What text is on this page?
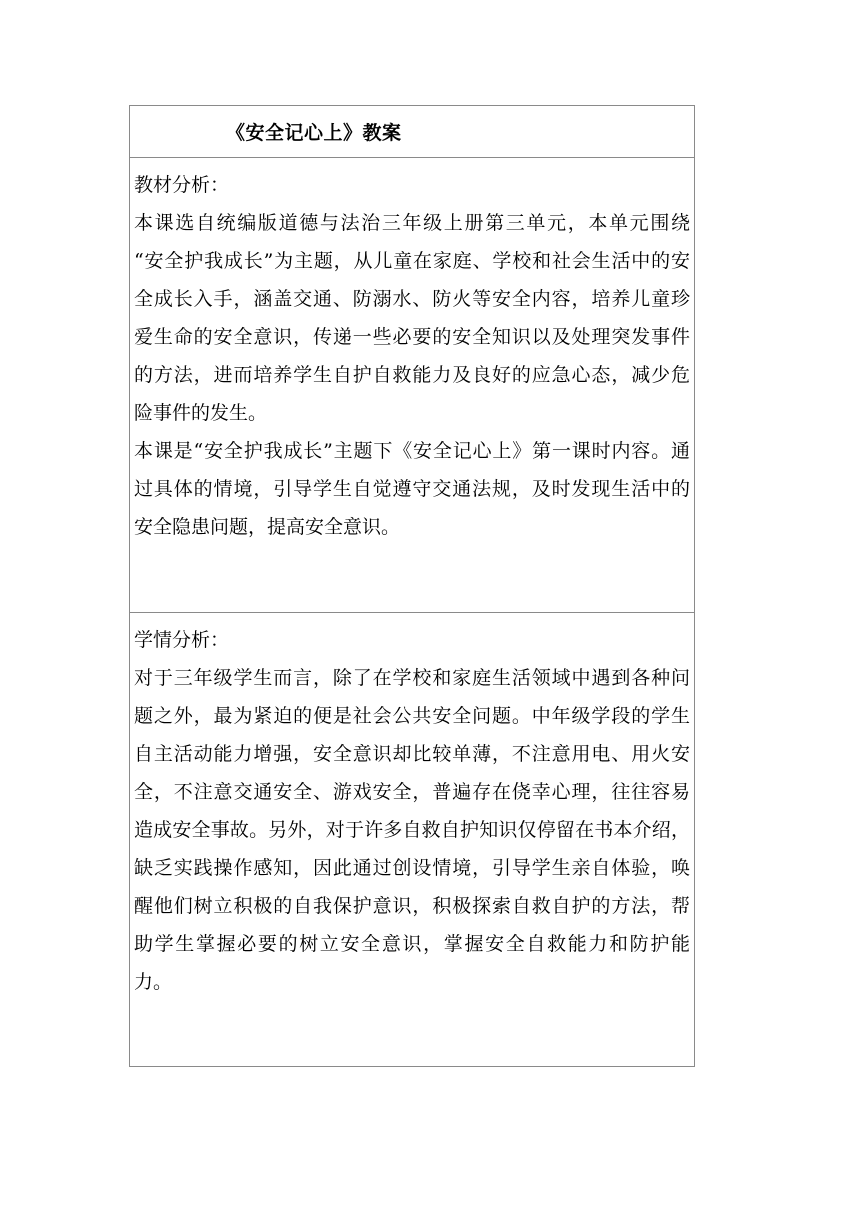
《安全记心上》教案
教材分析：
本课选自统编版道德与法治三年级上册第三单元，本单元围绕
“安全护我成长”为主题，从儿童在家庭、学校和社会生活中的安
全成长入手，涵盖交通、防溺水、防火等安全内容，培养儿童珍
爱生命的安全意识，传递一些必要的安全知识以及处理突发事件
的方法，进而培养学生自护自救能力及良好的应急心态，减少危
险事件的发生。
本课是“安全护我成长”主题下《安全记心上》第一课时内容。通
过具体的情境，引导学生自觉遵守交通法规，及时发现生活中的
安全隐患问题，提高安全意识。
学情分析：
对于三年级学生而言，除了在学校和家庭生活领域中遇到各种问
题之外，最为紧迫的便是社会公共安全问题。中年级学段的学生
自主活动能力增强，安全意识却比较单薄，不注意用电、用火安
全，不注意交通安全、游戏安全，普遍存在侥幸心理，往往容易
造成安全事故。另外，对于许多自救自护知识仅停留在书本介绍，
缺乏实践操作感知，因此通过创设情境，引导学生亲自体验，唤
醒他们树立积极的自我保护意识，积极探索自救自护的方法，帮
助学生掌握必要的树立安全意识，掌握安全自救能力和防护能
力。
